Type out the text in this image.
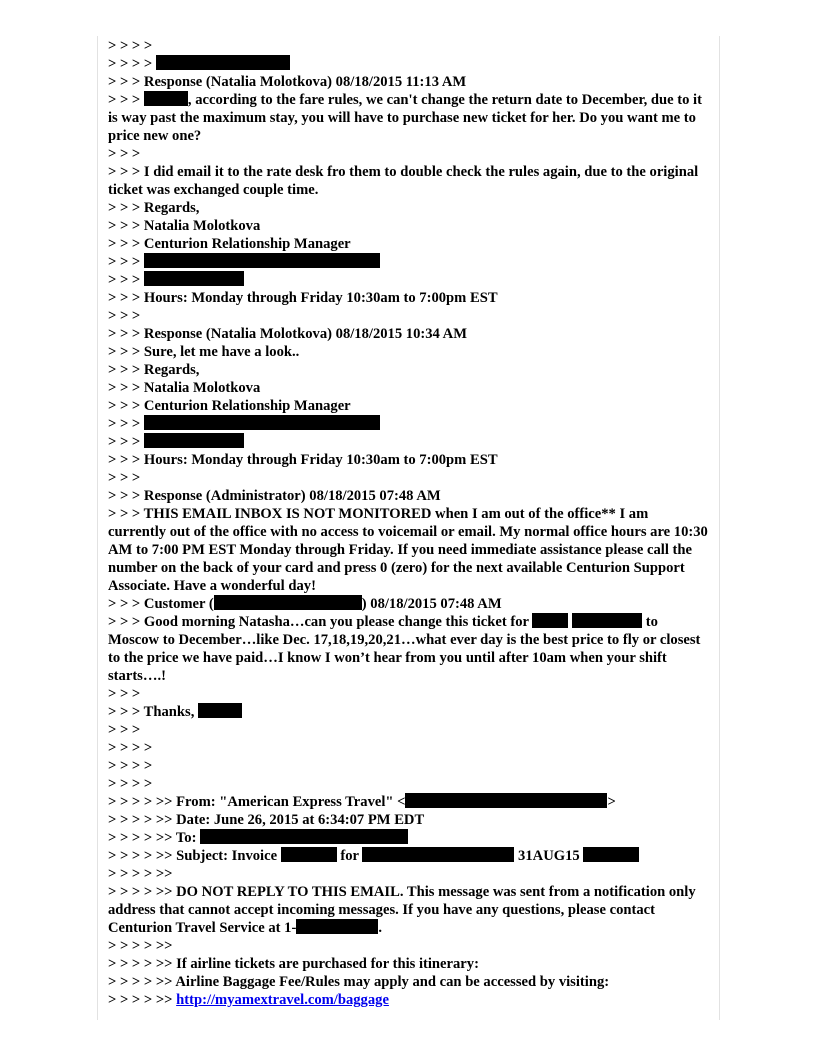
> > > >
> > > >
> > > Response (Natalia Molotkova) 08/18/2015 11:13 AM
> > >	, according to the fare rules, we can't change the return date to December, due to it is way past the maximum stay, you will have to purchase new ticket for her. Do you want me to price new one?
> > >
> > > I did email it to the rate desk fro them to double check the rules again, due to the original ticket was exchanged couple time.
> > > Regards,
> > > Natalia Molotkova
> > > Centurion Relationship Manager
> > >
> > >
> > > Hours: Monday through Friday 10:30am to 7:00pm EST
> > >
> > > Response (Natalia Molotkova) 08/18/2015 10:34 AM
> > > Sure, let me have a look..
> > > Regards,
> > > Natalia Molotkova
> > > Centurion Relationship Manager
> > >
> > >
> > > Hours: Monday through Friday 10:30am to 7:00pm EST
> > >
> > > Response (Administrator) 08/18/2015 07:48 AM
> > > THIS EMAIL INBOX IS NOT MONITORED when I am out of the office** I am currently out of the office with no access to voicemail or email. My normal office hours are 10:30 AM to 7:00 PM EST Monday through Friday. If you need immediate assistance please call the number on the back of your card and press 0 (zero) for the next available Centurion Support Associate. Have a wonderful day!
> > > Customer (	) 08/18/2015 07:48 AM
> > > Good morning Natasha…can you please change this ticket for	to Moscow to December…like Dec. 17,18,19,20,21…what ever day is the best price to fly or closest to the price we have paid…I know I won’t hear from you until after 10am when your shift starts….!
> > >
> > > Thanks,
> > >
> > > >
> > > >
> > > >
> > > > >> From: "American Express Travel" <	>
> > > > >> Date: June 26, 2015 at 6:34:07 PM EDT
> > > > >> To:
> > > > >> Subject: Invoice	for	31AUG15
> > > > >>
> > > > >> DO NOT REPLY TO THIS EMAIL. This message was sent from a notification only address that cannot accept incoming messages. If you have any questions, please contact Centurion Travel Service at 1-	.
> > > > >>
> > > > >> If airline tickets are purchased for this itinerary:
> > > > >> Airline Baggage Fee/Rules may apply and can be accessed by visiting:
> > > > >> http://myamextravel.com/baggage
